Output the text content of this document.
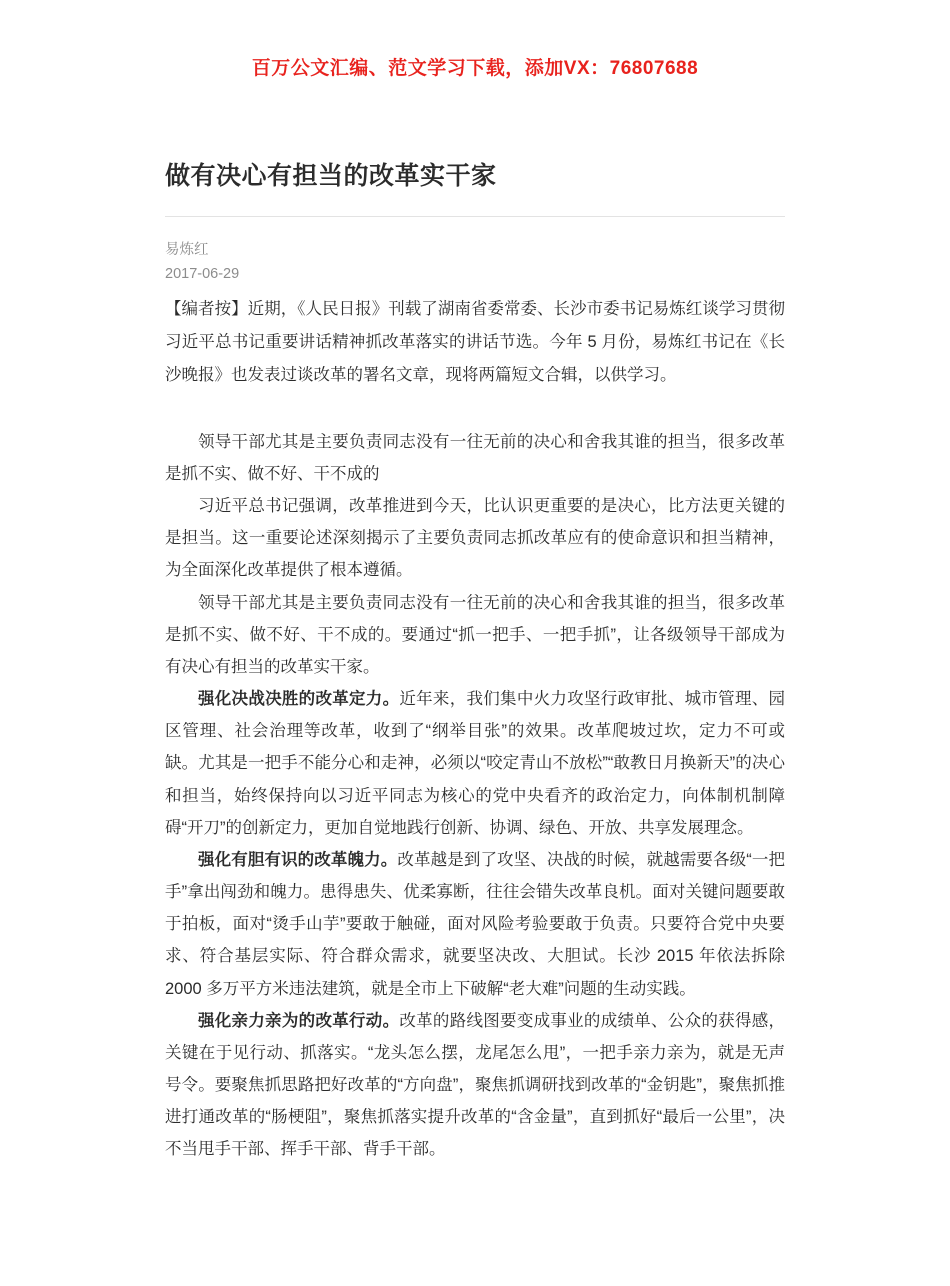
百万公文汇编、范文学习下载，添加VX：76807688
做有决心有担当的改革实干家
易炼红
2017-06-29

【编者按】近期，《人民日报》刊载了湖南省委常委、长沙市委书记易炼红谈学习贯彻习近平总书记重要讲话精神抓改革落实的讲话节选。今年 5 月份，易炼红书记在《长沙晚报》也发表过谈改革的署名文章，现将两篇短文合辑，以供学习。

领导干部尤其是主要负责同志没有一往无前的决心和舍我其谁的担当，很多改革是抓不实、做不好、干不成的

习近平总书记强调，改革推进到今天，比认识更重要的是决心，比方法更关键的是担当。这一重要论述深刻揭示了主要负责同志抓改革应有的使命意识和担当精神，为全面深化改革提供了根本遵循。

领导干部尤其是主要负责同志没有一往无前的决心和舍我其谁的担当，很多改革是抓不实、做不好、干不成的。要通过“抓一把手、一把手抓”，让各级领导干部成为有决心有担当的改革实干家。

强化决战决胜的改革定力。近年来，我们集中火力攻坚行政审批、城市管理、园区管理、社会治理等改革，收到了“纲举目张”的效果。改革爬坡过坎，定力不可或缺。尤其是一把手不能分心和走神，必须以“咬定青山不放松”“敢教日月换新天”的决心和担当，始终保持向以习近平同志为核心的党中央看齐的政治定力，向体制机制障碍“开刀”的创新定力，更加自觉地践行创新、协调、绿色、开放、共享发展理念。

强化有胆有识的改革魄力。改革越是到了攻坚、决战的时候，就越需要各级“一把手”拿出闯劲和魄力。患得患失、优柔寡断，往往会错失改革良机。面对关键问题要敢于拍板，面对“烫手山芋”要敢于触碰，面对风险考验要敢于负责。只要符合党中央要求、符合基层实际、符合群众需求，就要坚决改、大胆试。长沙 2015 年依法拆除 2000 多万平方米违法建筑，就是全市上下破解“老大难”问题的生动实践。

强化亲力亲为的改革行动。改革的路线图要变成事业的成绩单、公众的获得感，关键在于见行动、抓落实。“龙头怎么摆，龙尾怎么甩”，一把手亲力亲为，就是无声号令。要聚焦抓思路把好改革的“方向盘”，聚焦抓调研找到改革的“金钥匙”，聚焦抓推进打通改革的“肠梗阻”，聚焦抓落实提升改革的“含金量”，直到抓好“最后一公里”，决不当甩手干部、挥手干部、背手干部。
